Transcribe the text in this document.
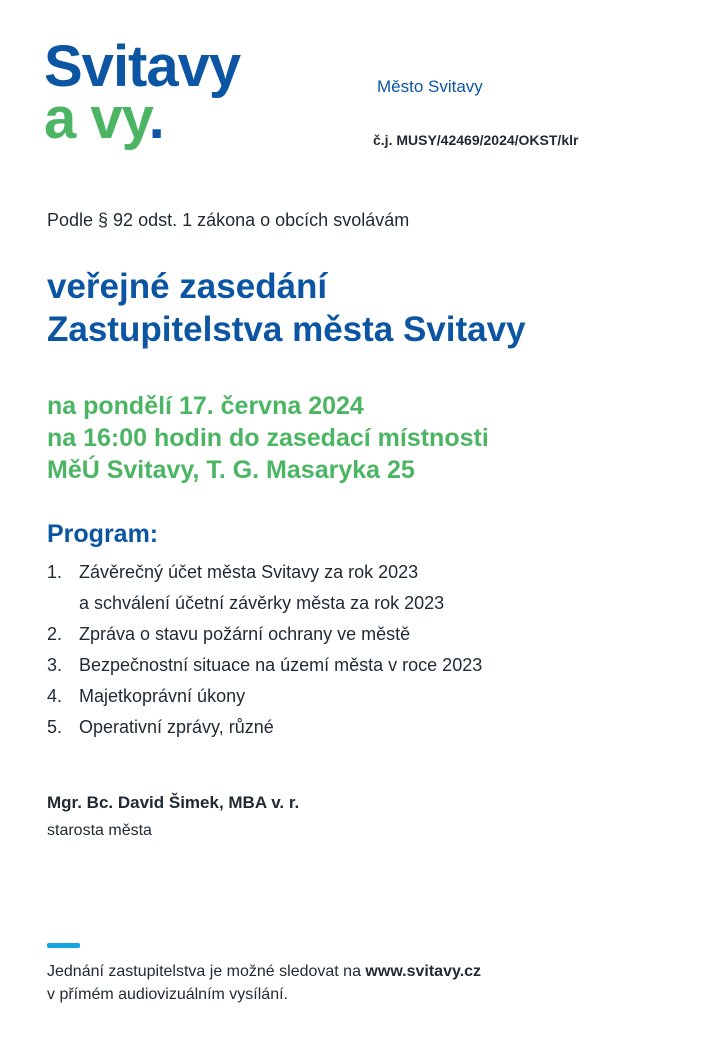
Svitavy
a vy.	Město Svitavy
č.j. MUSY/42469/2024/OKST/klr
Podle § 92 odst. 1 zákona o obcích svolávám
veřejné zasedání
Zastupitelstva města Svitavy
na pondělí 17. června 2024
na 16:00 hodin do zasedací místnosti
MěÚ Svitavy, T. G. Masaryka 25
Program:
1. Závěrečný účet města Svitavy za rok 2023
a schválení účetní závěrky města za rok 2023
2. Zpráva o stavu požární ochrany ve městě
3. Bezpečnostní situace na území města v roce 2023
4. Majetkoprávní úkony
5. Operativní zprávy, různé
Mgr. Bc. David Šimek, MBA v. r.
starosta města
Jednání zastupitelstva je možné sledovat na www.svitavy.cz
v přímém audiovizuálním vysílání.
